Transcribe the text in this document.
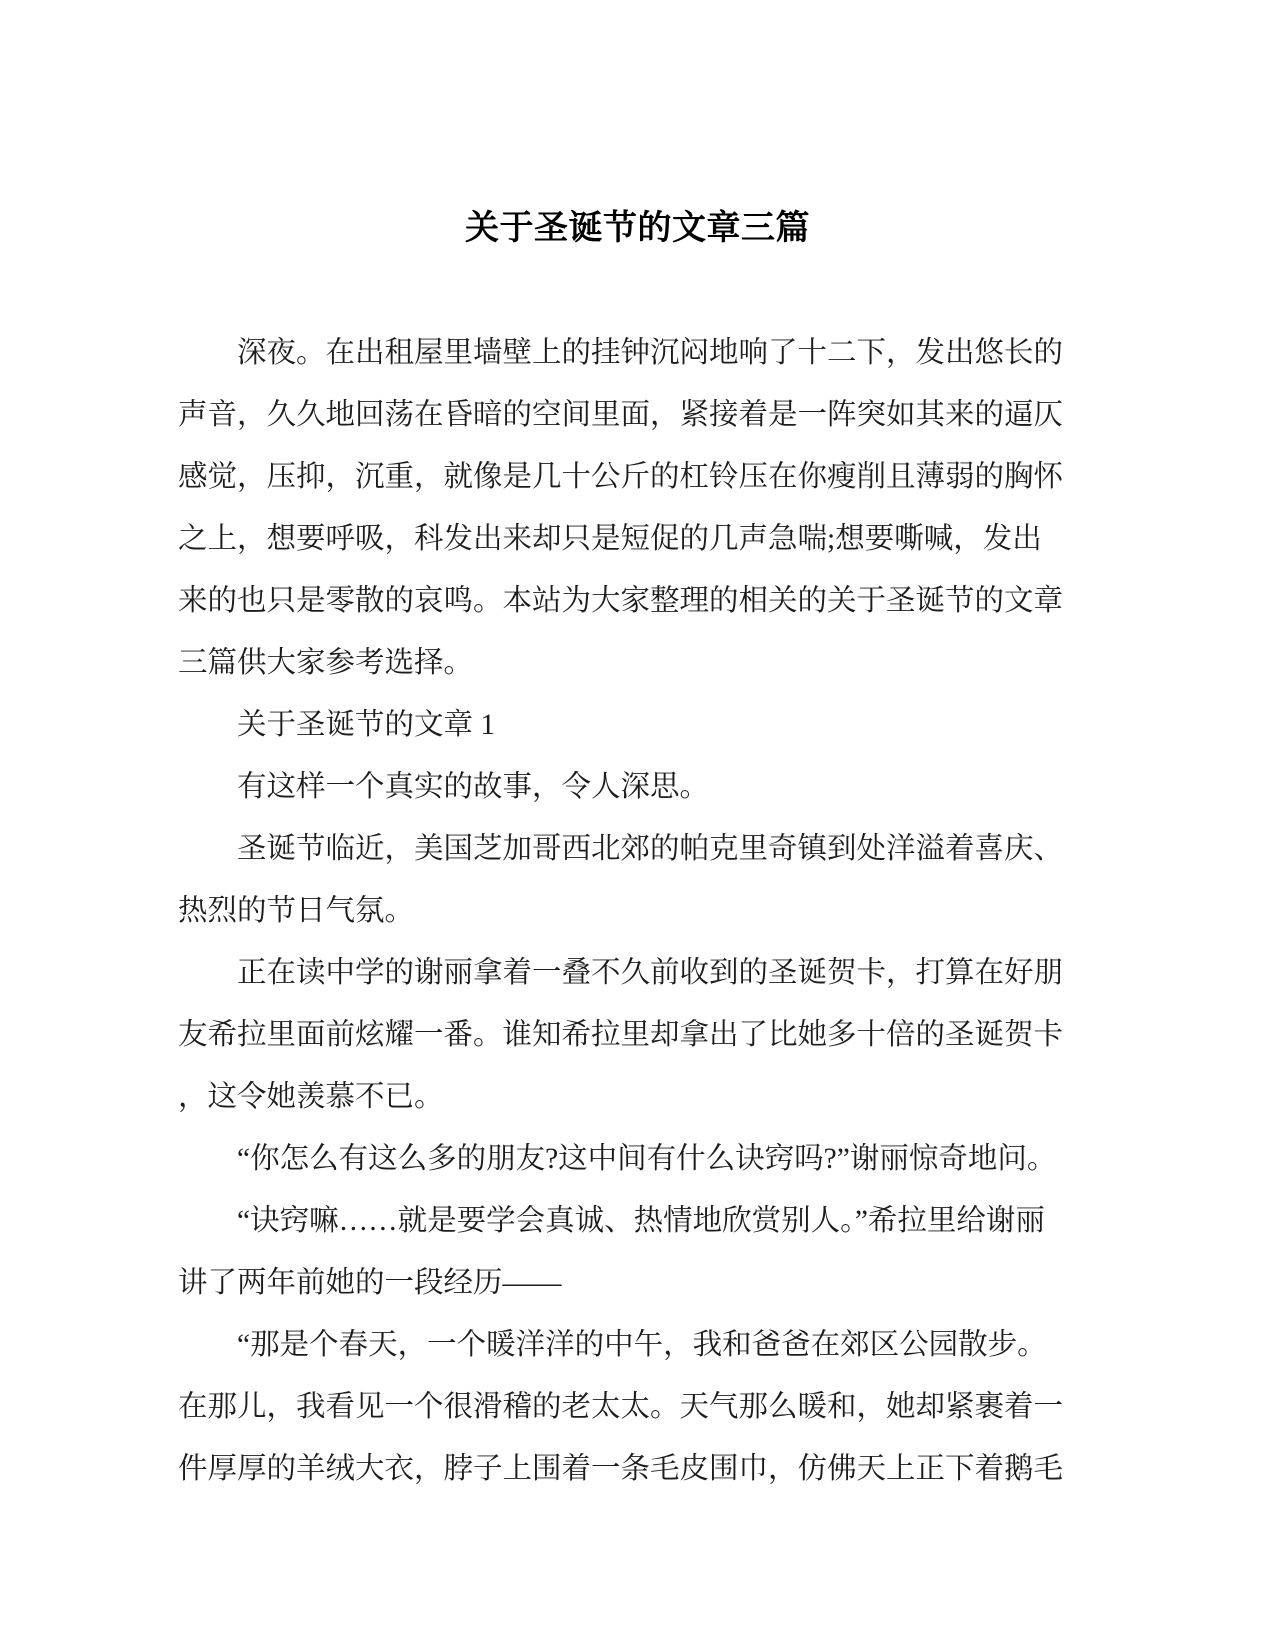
关于圣诞节的文章三篇

深夜。在出租屋里墙壁上的挂钟沉闷地响了十二下，发出悠长的声音，久久地回荡在昏暗的空间里面，紧接着是一阵突如其来的逼仄感觉，压抑，沉重，就像是几十公斤的杠铃压在你瘦削且薄弱的胸怀之上，想要呼吸，科发出来却只是短促的几声急喘;想要嘶喊，发出来的也只是零散的哀鸣。本站为大家整理的相关的关于圣诞节的文章三篇供大家参考选择。

关于圣诞节的文章 1

有这样一个真实的故事，令人深思。

圣诞节临近，美国芝加哥西北郊的帕克里奇镇到处洋溢着喜庆、热烈的节日气氛。

正在读中学的谢丽拿着一叠不久前收到的圣诞贺卡，打算在好朋友希拉里面前炫耀一番。谁知希拉里却拿出了比她多十倍的圣诞贺卡，这令她羡慕不已。

“你怎么有这么多的朋友?这中间有什么诀窍吗?”谢丽惊奇地问。

“诀窍嘛……就是要学会真诚、热情地欣赏别人。”希拉里给谢丽讲了两年前她的一段经历——

“那是个春天，一个暖洋洋的中午，我和爸爸在郊区公园散步。在那儿，我看见一个很滑稽的老太太。天气那么暖和，她却紧裹着一件厚厚的羊绒大衣，脖子上围着一条毛皮围巾，仿佛天上正下着鹅毛
